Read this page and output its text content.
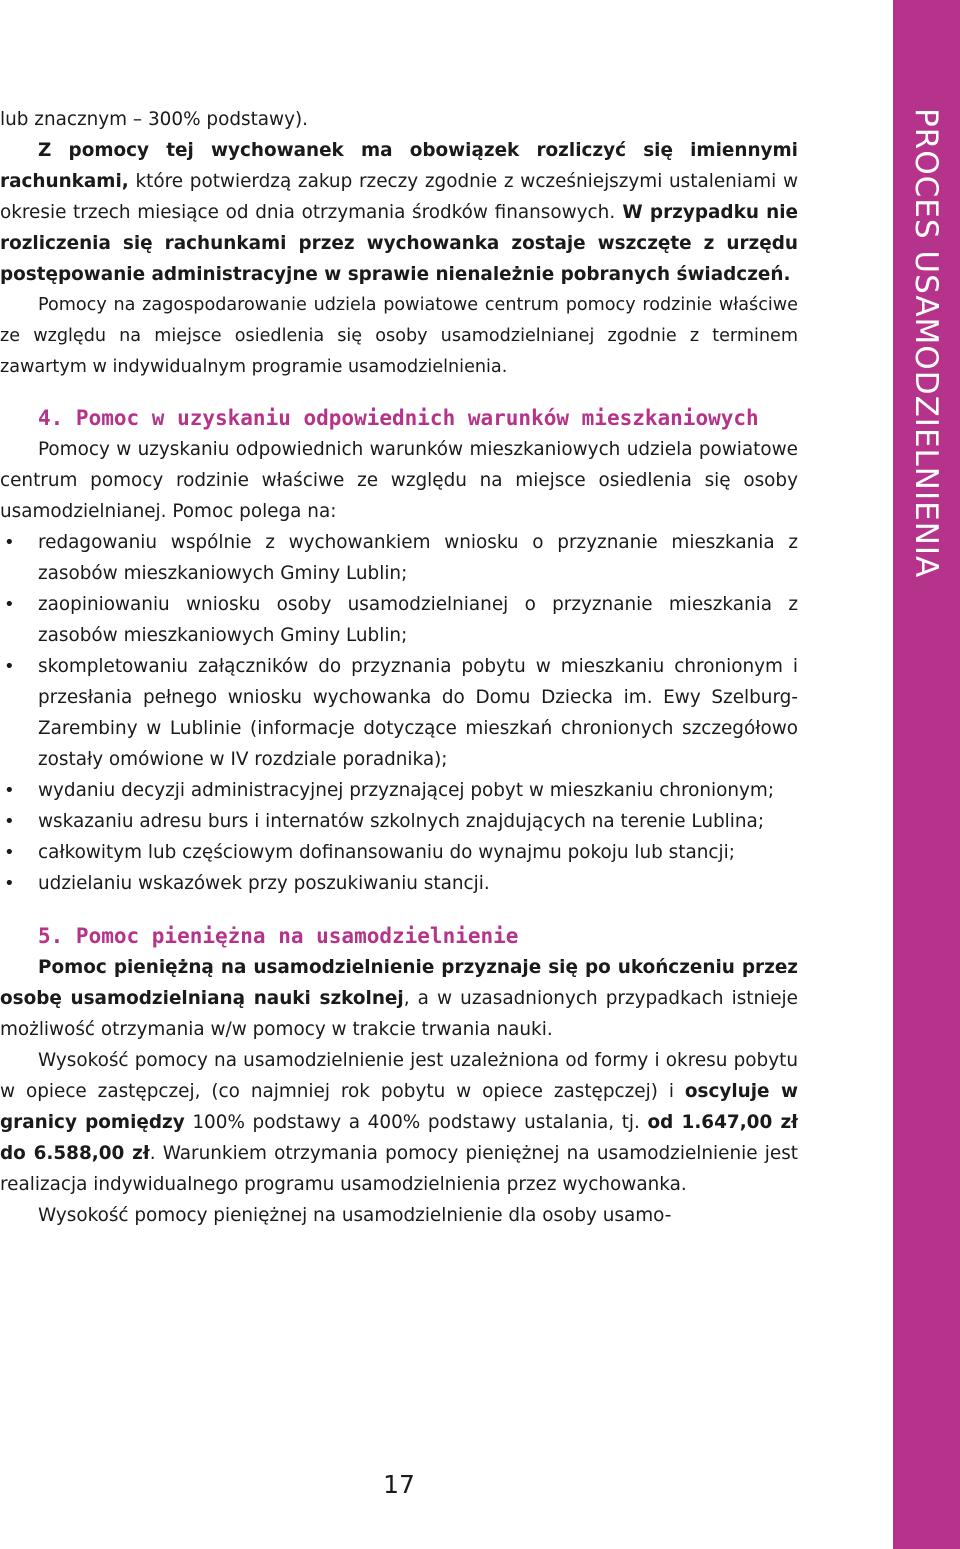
PROCES USAMODZIELNIENIA

lub znacznym – 300% podstawy).

Z pomocy tej wychowanek ma obowiązek rozliczyć się imiennymi rachunkami, które potwierdzą zakup rzeczy zgodnie z wcześniejszymi ustaleniami w okresie trzech miesiące od dnia otrzymania środków finansowych. W przypadku nie rozliczenia się rachunkami przez wychowanka zostaje wszczęte z urzędu postępowanie administracyjne w sprawie nienależnie pobranych świadczeń.

Pomocy na zagospodarowanie udziela powiatowe centrum pomocy rodzinie właściwe ze względu na miejsce osiedlenia się osoby usamodzielnianej zgodnie z terminem zawartym w indywidualnym programie usamodzielnienia.

4. Pomoc w uzyskaniu odpowiednich warunków mieszkaniowych

Pomocy w uzyskaniu odpowiednich warunków mieszkaniowych udziela powiatowe centrum pomocy rodzinie właściwe ze względu na miejsce osiedlenia się osoby usamodzielnianej. Pomoc polega na:

• redagowaniu wspólnie z wychowankiem wniosku o przyznanie mieszkania z zasobów mieszkaniowych Gminy Lublin;
• zaopiniowaniu wniosku osoby usamodzielnianej o przyznanie mieszkania z zasobów mieszkaniowych Gminy Lublin;
• skompletowaniu załączników do przyznania pobytu w mieszkaniu chronionym i przesłania pełnego wniosku wychowanka do Domu Dziecka im. Ewy Szelburg-Zarembiny w Lublinie (informacje dotyczące mieszkań chronionych szczegółowo zostały omówione w IV rozdziale poradnika);
• wydaniu decyzji administracyjnej przyznającej pobyt w mieszkaniu chronionym;
• wskazaniu adresu burs i internatów szkolnych znajdujących na terenie Lublina;
• całkowitym lub częściowym dofinansowaniu do wynajmu pokoju lub stancji;
• udzielaniu wskazówek przy poszukiwaniu stancji.
5. Pomoc pieniężna na usamodzielnienie

Pomoc pieniężną na usamodzielnienie przyznaje się po ukończeniu przez osobę usamodzielnianą nauki szkolnej, a w uzasadnionych przypadkach istnieje możliwość otrzymania w/w pomocy w trakcie trwania nauki.

Wysokość pomocy na usamodzielnienie jest uzależniona od formy i okresu pobytu w opiece zastępczej, (co najmniej rok pobytu w opiece zastępczej) i oscyluje w granicy pomiędzy 100% podstawy a 400% podstawy ustalania, tj. od 1.647,00 zł do 6.588,00 zł. Warunkiem otrzymania pomocy pieniężnej na usamodzielnienie jest realizacja indywidualnego programu usamodzielnienia przez wychowanka.

Wysokość pomocy pieniężnej na usamodzielnienie dla osoby usamo-

17
